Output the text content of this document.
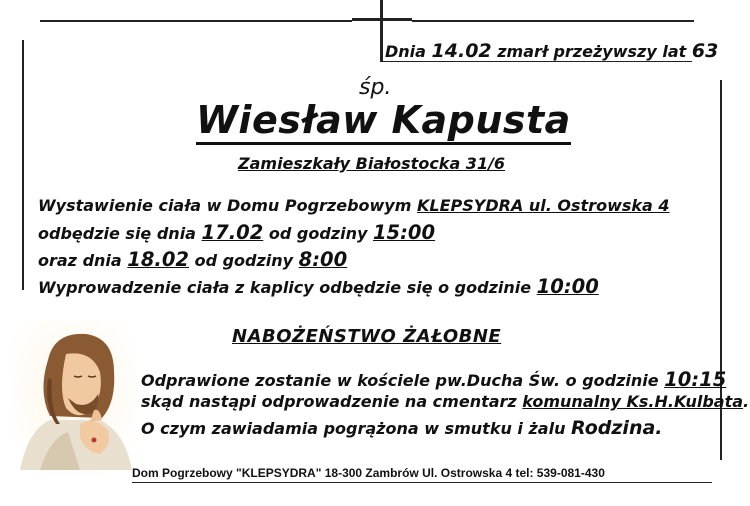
Dnia 14.02 zmarł przeżywszy lat 63
śp.
Wiesław Kapusta
Zamieszkały Białostocka 31/6
Wystawienie ciała w Domu Pogrzebowym KLEPSYDRA ul. Ostrowska 4
odbędzie się dnia 17.02 od godziny 15:00
oraz dnia 18.02 od godziny 8:00
Wyprowadzenie ciała z kaplicy odbędzie się o godzinie 10:00
NABOŻEŃSTWO ŻAŁOBNE
Odprawione zostanie w kościele pw.Ducha Św. o godzinie 10:15
skąd nastąpi odprowadzenie na cmentarz komunalny Ks.H.Kulbata.
O czym zawiadamia pogrążona w smutku i żalu Rodzina.
Dom Pogrzebowy "KLEPSYDRA" 18-300 Zambrów Ul. Ostrowska 4 tel: 539-081-430
